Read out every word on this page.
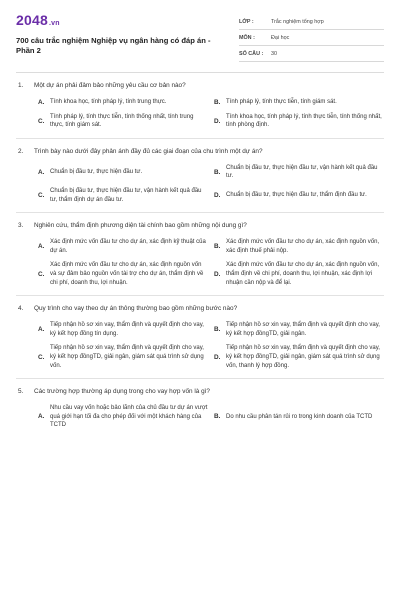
2048 .vn
700 câu trắc nghiệm Nghiệp vụ ngân hàng có đáp án - Phần 2
LỚP :	Trắc nghiệm tổng hợp
MÔN :	Đại học
SỐ CÂU :	30
1.	Một dự án phải đảm bảo những yêu cầu cơ bản nào?
A. Tính khoa học, tính pháp lý, tính trung thực.	B. Tính pháp lý, tính thực tiễn, tính giám sát.
C.
Tính pháp lý, tính thực tiễn, tính thống nhất, tính trung thực, tính giám sát.
D.
Tính khoa học, tính pháp lý, tính thực tiễn, tính thống nhất, tính phòng định.
2.	Trình bày nào dưới đây phản ánh đầy đủ các giai đoạn của chu trình một dự án?
A. Chuẩn bị đầu tư, thực hiện đầu tư.	B.
Chuẩn bị đầu tư, thực hiện đầu tư, vận hành kết quả đầu tư.
C.
Chuẩn bị đầu tư, thực hiện đầu tư, vận hành kết quả đầu tư, thẩm định dự án đầu tư.
D. Chuẩn bị đầu tư, thực hiện đầu tư, thẩm định đầu tư.
3.	Nghiên cứu, thẩm định phương diện tài chính bao gồm những nội dung gì?
A.
Xác định mức vốn đầu tư cho dự án, xác định kỹ thuật của dự án.
B.
Xác định mức vốn đầu tư cho dự án, xác định nguồn vốn, xác định thuế phải nộp.
C.
Xác định mức vốn đầu tư cho dự án, xác định nguồn vốn và sự đảm bảo nguồn vốn tài trợ cho dự án, thẩm định về chi phí, doanh thu, lợi nhuận.
D.
Xác định mức vốn đầu tư cho dự án, xác định nguồn vốn, thẩm định về chi phí, doanh thu, lợi nhuận, xác định lợi nhuận cần nộp và để lại.
4.	Quy trình cho vay theo dự án thông thường bao gồm những bước nào?
A.
Tiếp nhận hồ sơ xin vay, thẩm định và quyết định cho vay, ký kết hợp đồng tín dụng.
B.
Tiếp nhận hồ sơ xin vay, thẩm định và quyết định cho vay, ký kết hợp đồngTD, giải ngân.
C.
Tiếp nhận hồ sơ xin vay, thẩm định và quyết định cho vay, ký kết hợp đồngTD, giải ngân, giám sát quá trình sử dụng vốn.
D.
Tiếp nhận hồ sơ xin vay, thẩm định và quyết định cho vay, ký kết hợp đồngTD, giải ngân, giám sát quá trình sử dụng vốn, thanh lý hợp đồng.
5.	Các trường hợp thường áp dụng trong cho vay hợp vốn là gì?
A.
Nhu cầu vay vốn hoặc bảo lãnh của chủ đầu tư dự án vượt quá giới hạn tối đa cho phép đối với một khách hàng của TCTD
B. Do nhu cầu phân tán rủi ro trong kinh doanh của TCTD
